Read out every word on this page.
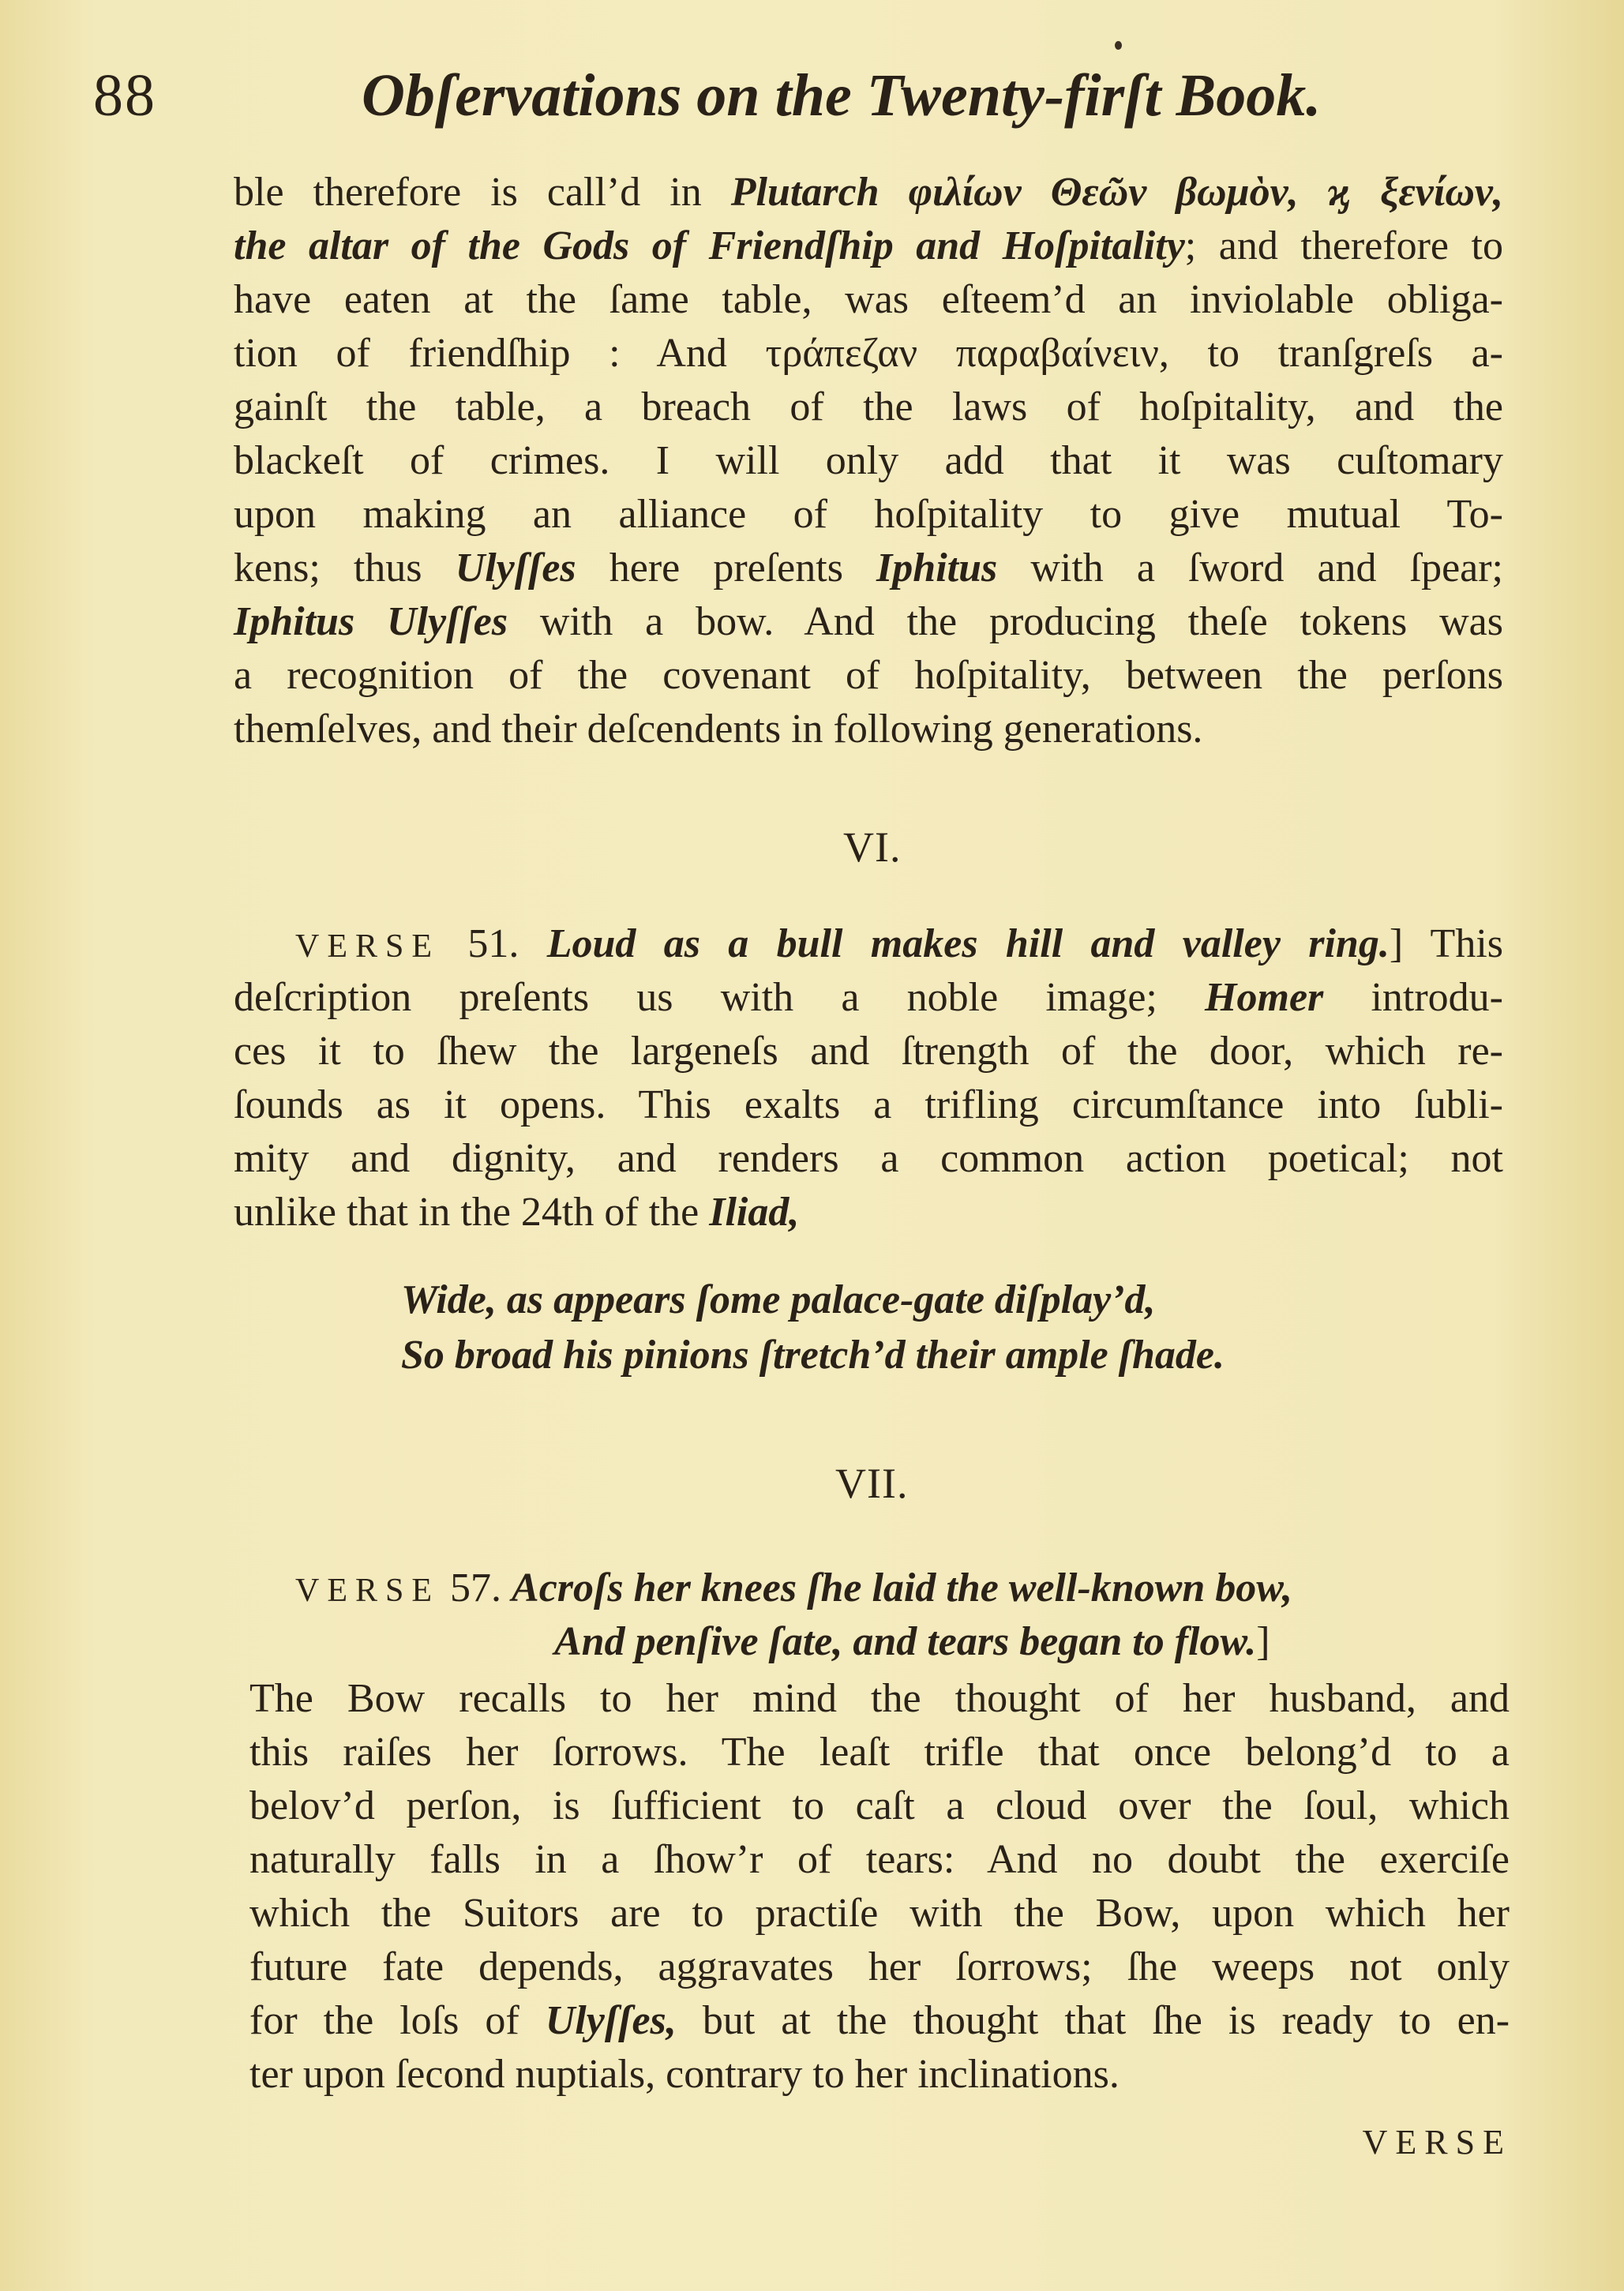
88	Obſervations on the Twenty-firſt Book.
ble therefore is call’d in Plutarch φιλίων Θεῶν βωμὸν, ϗ ξενίων,
the altar of the Gods of Friendſhip and Hoſpitality; and therefore to
have eaten at the ſame table, was eſteem’d an inviolable obliga-
tion of friendſhip : And τράπεζαν παραβαίνειν, to tranſgreſs a-
gainſt the table, a breach of the laws of hoſpitality, and the
blackeſt of crimes. I will only add that it was cuſtomary
upon making an alliance of hoſpitality to give mutual To-
kens; thus Ulyſſes here preſents Iphitus with a ſword and ſpear;
Iphitus Ulyſſes with a bow. And the producing theſe tokens was
a recognition of the covenant of hoſpitality, between the perſons
themſelves, and their deſcendents in following generations.
VI.
VERSE 51. Loud as a bull makes hill and valley ring.] This
deſcription preſents us with a noble image; Homer introdu-
ces it to ſhew the largeneſs and ſtrength of the door, which re-
ſounds as it opens. This exalts a trifling circumſtance into ſubli-
mity and dignity, and renders a common action poetical; not
unlike that in the 24th of the Iliad,
Wide, as appears ſome palace-gate diſplay’d,
So broad his pinions ſtretch’d their ample ſhade.
VII.
VERSE 57. Acroſs her knees ſhe laid the well-known bow,
And penſive ſate, and tears began to flow.]
The Bow recalls to her mind the thought of her husband, and
this raiſes her ſorrows. The leaſt trifle that once belong’d to a
belov’d perſon, is ſufficient to caſt a cloud over the ſoul, which
naturally falls in a ſhow’r of tears: And no doubt the exerciſe
which the Suitors are to practiſe with the Bow, upon which her
future fate depends, aggravates her ſorrows; ſhe weeps not only
for the loſs of Ulyſſes, but at the thought that ſhe is ready to en-
ter upon ſecond nuptials, contrary to her inclinations.
VERSE
